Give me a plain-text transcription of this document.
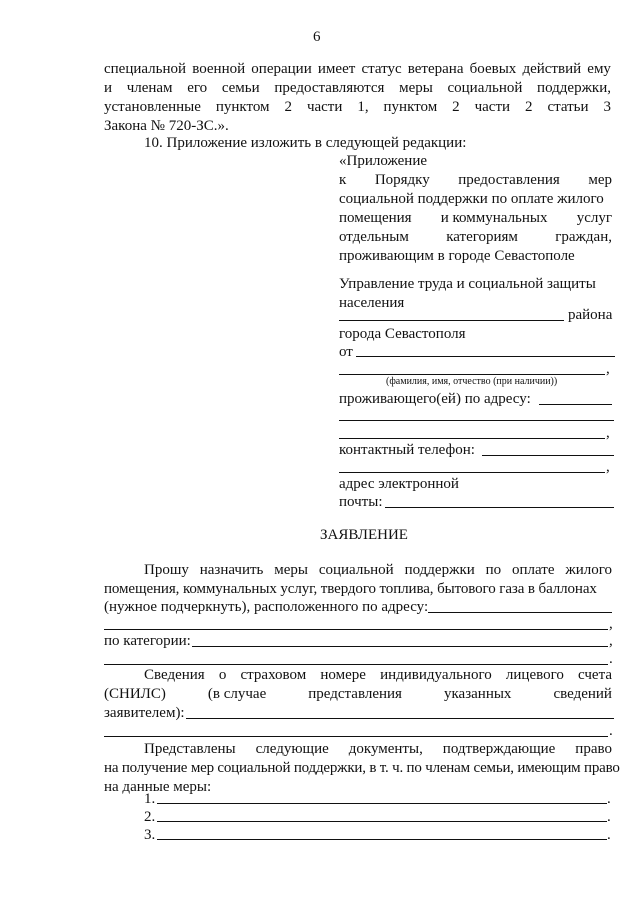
6
специальной военной операции имеет статус ветерана боевых действий ему
и членам его семьи предоставляются меры социальной поддержки,
установленные пунктом 2 части 1, пунктом 2 части 2 статьи 3
Закона № 720-ЗС.».
10. Приложение изложить в следующей редакции:
«Приложение
к Порядку предоставления мер
социальной поддержки по оплате жилого
помещения и коммунальных услуг
отдельным категориям граждан,
проживающим в городе Севастополе
Управление труда и социальной защиты
населения
района
города Севастополя
от
,
(фамилия, имя, отчество (при наличии))
проживающего(ей) по адресу:
,
контактный телефон:
,
адрес электронной
почты:
ЗАЯВЛЕНИЕ
Прошу назначить меры социальной поддержки по оплате жилого
помещения, коммунальных услуг, твердого топлива, бытового газа в баллонах
(нужное подчеркнуть), расположенного по адресу:
,
по категории:	,
.
Сведения о страховом номере индивидуального лицевого счета
(СНИЛС)	(в случае	представления	указанных	сведений
заявителем):
.
Представлены следующие документы, подтверждающие право
на получение мер социальной поддержки, в т. ч. по членам семьи, имеющим право
на данные меры:
1.	.
2.	.
3.	.
